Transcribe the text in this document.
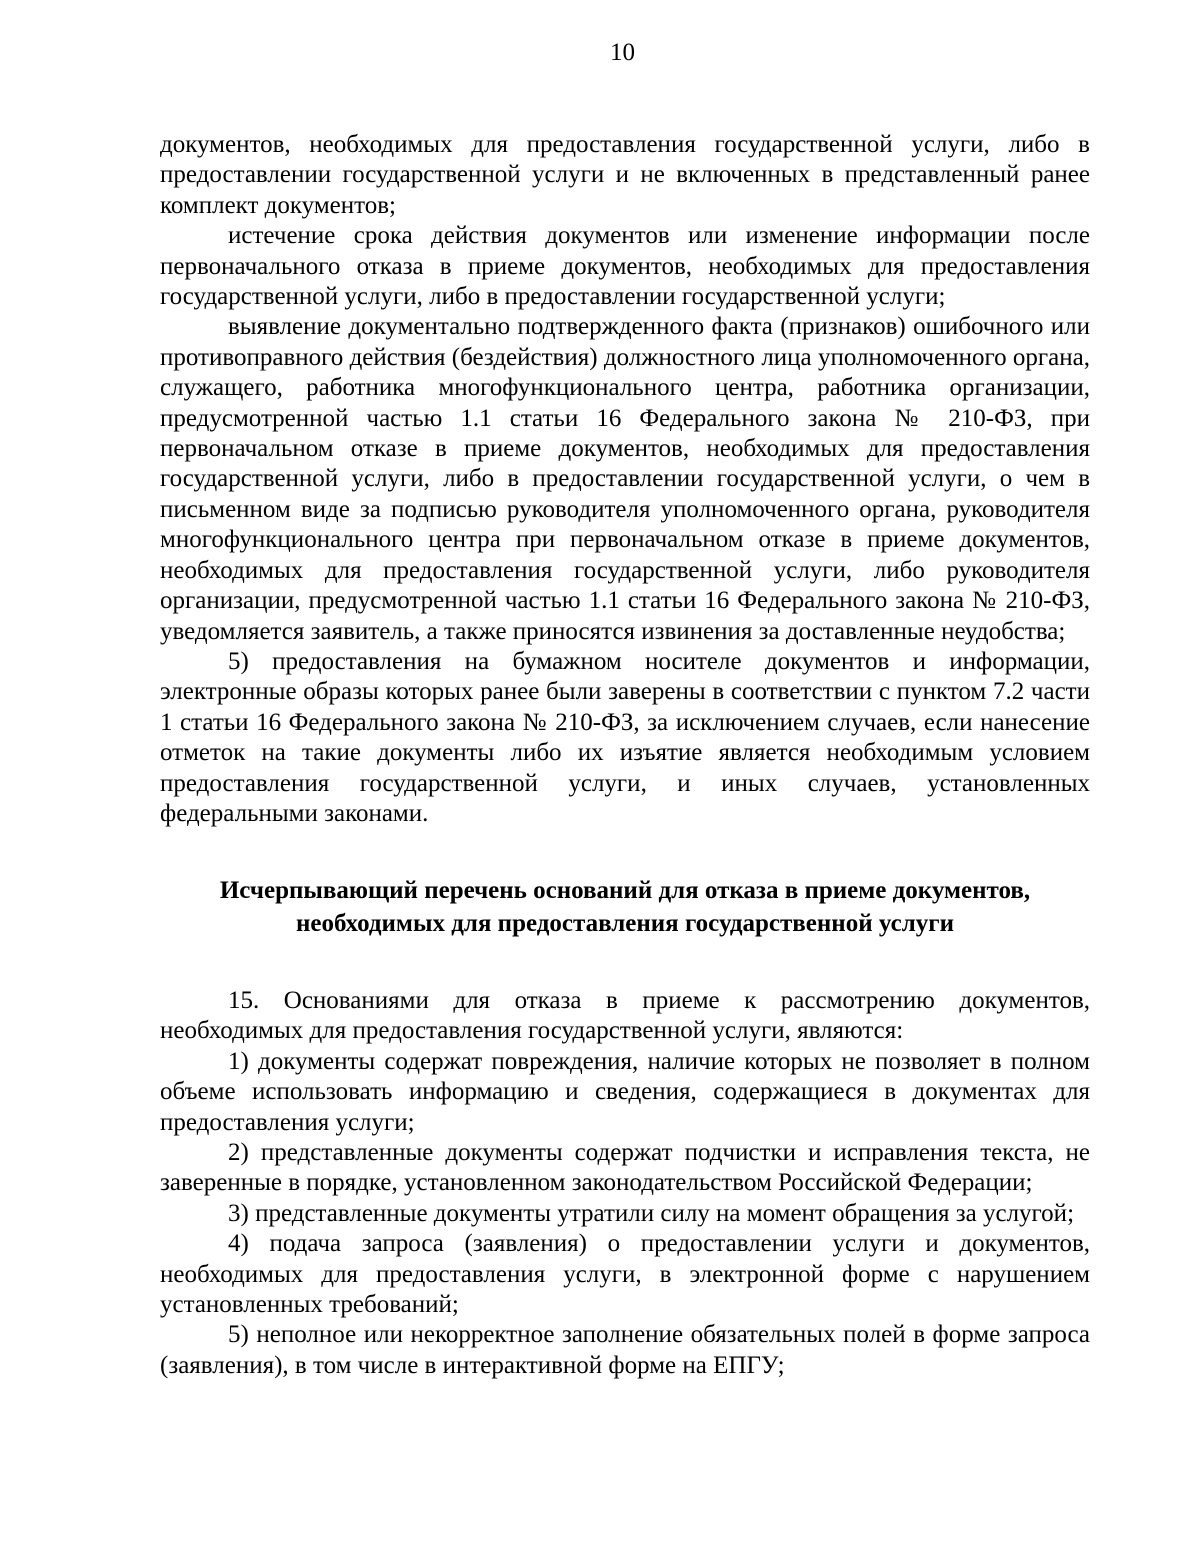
10

документов, необходимых для предоставления государственной услуги, либо в предоставлении государственной услуги и не включенных в представленный ранее комплект документов;

истечение срока действия документов или изменение информации после первоначального отказа в приеме документов, необходимых для предоставления государственной услуги, либо в предоставлении государственной услуги;

выявление документально подтвержденного факта (признаков) ошибочного или противоправного действия (бездействия) должностного лица уполномоченного органа, служащего, работника многофункционального центра, работника организации, предусмотренной частью 1.1 статьи 16 Федерального закона № 210-ФЗ, при первоначальном отказе в приеме документов, необходимых для предоставления государственной услуги, либо в предоставлении государственной услуги, о чем в письменном виде за подписью руководителя уполномоченного органа, руководителя многофункционального центра при первоначальном отказе в приеме документов, необходимых для предоставления государственной услуги, либо руководителя организации, предусмотренной частью 1.1 статьи 16 Федерального закона № 210-ФЗ, уведомляется заявитель, а также приносятся извинения за доставленные неудобства;

5) предоставления на бумажном носителе документов и информации, электронные образы которых ранее были заверены в соответствии с пунктом 7.2 части 1 статьи 16 Федерального закона № 210-ФЗ, за исключением случаев, если нанесение отметок на такие документы либо их изъятие является необходимым условием предоставления государственной услуги, и иных случаев, установленных федеральными законами.

Исчерпывающий перечень оснований для отказа в приеме документов,

необходимых для предоставления государственной услуги

15. Основаниями для отказа в приеме к рассмотрению документов, необходимых для предоставления государственной услуги, являются:

1) документы содержат повреждения, наличие которых не позволяет в полном объеме использовать информацию и сведения, содержащиеся в документах для предоставления услуги;

2) представленные документы содержат подчистки и исправления текста, не заверенные в порядке, установленном законодательством Российской Федерации;

3) представленные документы утратили силу на момент обращения за услугой;

4) подача запроса (заявления) о предоставлении услуги и документов, необходимых для предоставления услуги, в электронной форме с нарушением установленных требований;

5) неполное или некорректное заполнение обязательных полей в форме запроса (заявления), в том числе в интерактивной форме на ЕПГУ;
